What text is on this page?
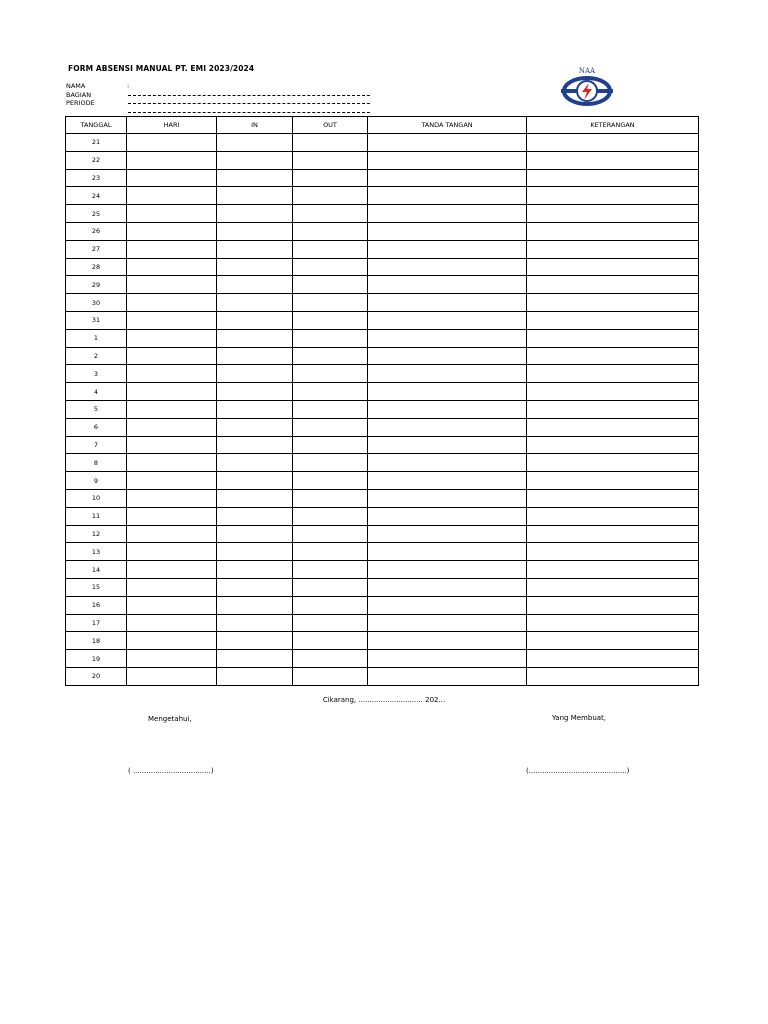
FORM ABSENSI MANUAL PT. EMI 2023/2024
NAMA
BAGIAN
PERIODE
:
NAA
TANGGAL	HARI	IN	OUT	TANDA TANGAN	KETERANGAN
21					
22					
23					
24					
25					
26					
27					
28					
29					
30					
31					
1					
2					
3					
4					
5					
6					
7					
8					
9					
10					
11					
12					
13					
14					
15					
16					
17					
18					
19					
20					
Cikarang, ............................. 202...
Mengetahui,	Yang Membuat,
( ...................................)	(............................................)
